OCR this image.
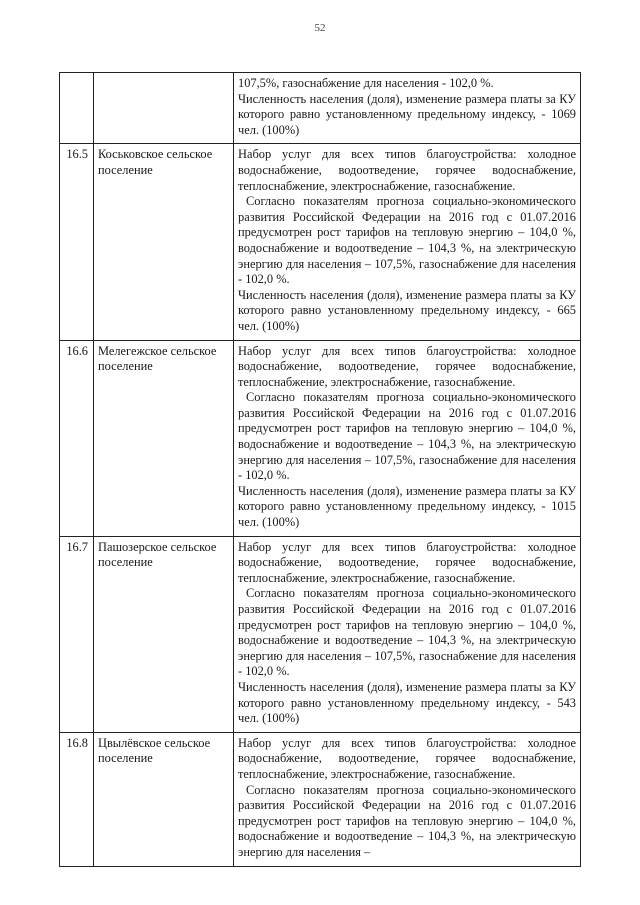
52

		107,5%, газоснабжение для населения - 102,0 %.

Численность населения (доля), изменение размера платы за КУ которого равно установленному предельному индексу, - 1069 чел. (100%)

16.5	Коськовское сельское поселение	Набор услуг для всех типов благоустройства: холодное водоснабжение, водоотведение, горячее водоснабжение, теплоснабжение, электроснабжение, газоснабжение.

Согласно показателям прогноза социально-экономического развития Российской Федерации на 2016 год с 01.07.2016 предусмотрен рост тарифов на тепловую энергию – 104,0 %, водоснабжение и водоотведение – 104,3 %, на электрическую энергию для населения – 107,5%, газоснабжение для населения - 102,0 %.

Численность населения (доля), изменение размера платы за КУ которого равно установленному предельному индексу, - 665 чел. (100%)

16.6	Мелегежское сельское поселение	Набор услуг для всех типов благоустройства: холодное водоснабжение, водоотведение, горячее водоснабжение, теплоснабжение, электроснабжение, газоснабжение.

Согласно показателям прогноза социально-экономического развития Российской Федерации на 2016 год с 01.07.2016 предусмотрен рост тарифов на тепловую энергию – 104,0 %, водоснабжение и водоотведение – 104,3 %, на электрическую энергию для населения – 107,5%, газоснабжение для населения - 102,0 %.

Численность населения (доля), изменение размера платы за КУ которого равно установленному предельному индексу, - 1015 чел. (100%)

16.7	Пашозерское сельское поселение	Набор услуг для всех типов благоустройства: холодное водоснабжение, водоотведение, горячее водоснабжение, теплоснабжение, электроснабжение, газоснабжение.

Согласно показателям прогноза социально-экономического развития Российской Федерации на 2016 год с 01.07.2016 предусмотрен рост тарифов на тепловую энергию – 104,0 %, водоснабжение и водоотведение – 104,3 %, на электрическую энергию для населения – 107,5%, газоснабжение для населения - 102,0 %.

Численность населения (доля), изменение размера платы за КУ которого равно установленному предельному индексу, - 543 чел. (100%)

16.8	Цвылёвское сельское поселение	Набор услуг для всех типов благоустройства: холодное водоснабжение, водоотведение, горячее водоснабжение, теплоснабжение, электроснабжение, газоснабжение.

Согласно показателям прогноза социально-экономического развития Российской Федерации на 2016 год с 01.07.2016 предусмотрен рост тарифов на тепловую энергию – 104,0 %, водоснабжение и водоотведение – 104,3 %, на электрическую энергию для населения –
